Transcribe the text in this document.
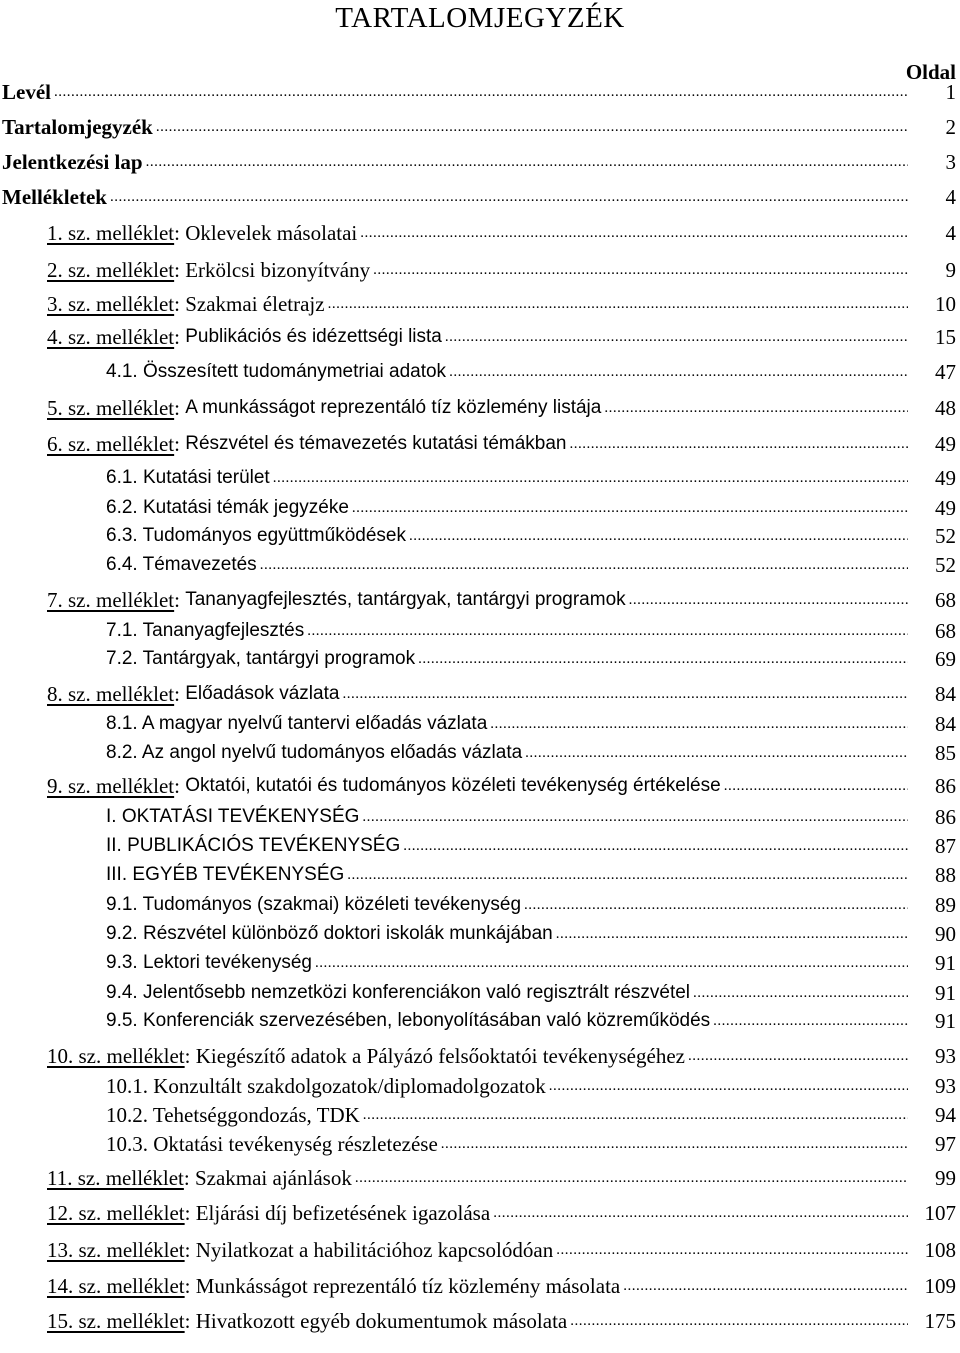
TARTALOMJEGYZÉK
Oldal
Levél .....	1
Tartalomjegyzék .....	2
Jelentkezési lap .....	3
Mellékletek .....	4
1. sz. melléklet : Oklevelek másolatai .....	4
2. sz. melléklet : Erkölcsi bizonyítvány .....	9
3. sz. melléklet : Szakmai életrajz .....	10
4. sz. melléklet : Publikációs és idézettségi lista .....	15
4.1. Összesített tudománymetriai adatok .....	47
5. sz. melléklet : A munkásságot reprezentáló tíz közlemény listája .....	48
6. sz. melléklet : Részvétel és témavezetés kutatási témákban .....	49
6.1. Kutatási terület .....	49
6.2. Kutatási témák jegyzéke .....	49
6.3. Tudományos együttműködések .....	52
6.4. Témavezetés .....	52
7. sz. melléklet : Tananyagfejlesztés, tantárgyak, tantárgyi programok .....	68
7.1. Tananyagfejlesztés .....	68
7.2. Tantárgyak, tantárgyi programok .....	69
8. sz. melléklet : Előadások vázlata .....	84
8.1. A magyar nyelvű tantervi előadás vázlata .....	84
8.2. Az angol nyelvű tudományos előadás vázlata .....	85
9. sz. melléklet : Oktatói, kutatói és tudományos közéleti tevékenység értékelése .....	86
I. OKTATÁSI TEVÉKENYSÉG .....	86
II. PUBLIKÁCIÓS TEVÉKENYSÉG .....	87
III. EGYÉB TEVÉKENYSÉG .....	88
9.1. Tudományos (szakmai) közéleti tevékenység .....	89
9.2. Részvétel különböző doktori iskolák munkájában .....	90
9.3. Lektori tevékenység .....	91
9.4. Jelentősebb nemzetközi konferenciákon való regisztrált részvétel .....	91
9.5. Konferenciák szervezésében, lebonyolításában való közreműködés .....	91
10. sz. melléklet : Kiegészítő adatok a Pályázó felsőoktatói tevékenységéhez .....	93
10.1. Konzultált szakdolgozatok/diplomadolgozatok .....	93
10.2. Tehetséggondozás, TDK .....	94
10.3. Oktatási tevékenység részletezése .....	97
11. sz. melléklet : Szakmai ajánlások .....	99
12. sz. melléklet : Eljárási díj befizetésének igazolása .....	107
13. sz. melléklet : Nyilatkozat a habilitációhoz kapcsolódóan .....	108
14. sz. melléklet : Munkásságot reprezentáló tíz közlemény másolata .....	109
15. sz. melléklet : Hivatkozott egyéb dokumentumok másolata .....	175
